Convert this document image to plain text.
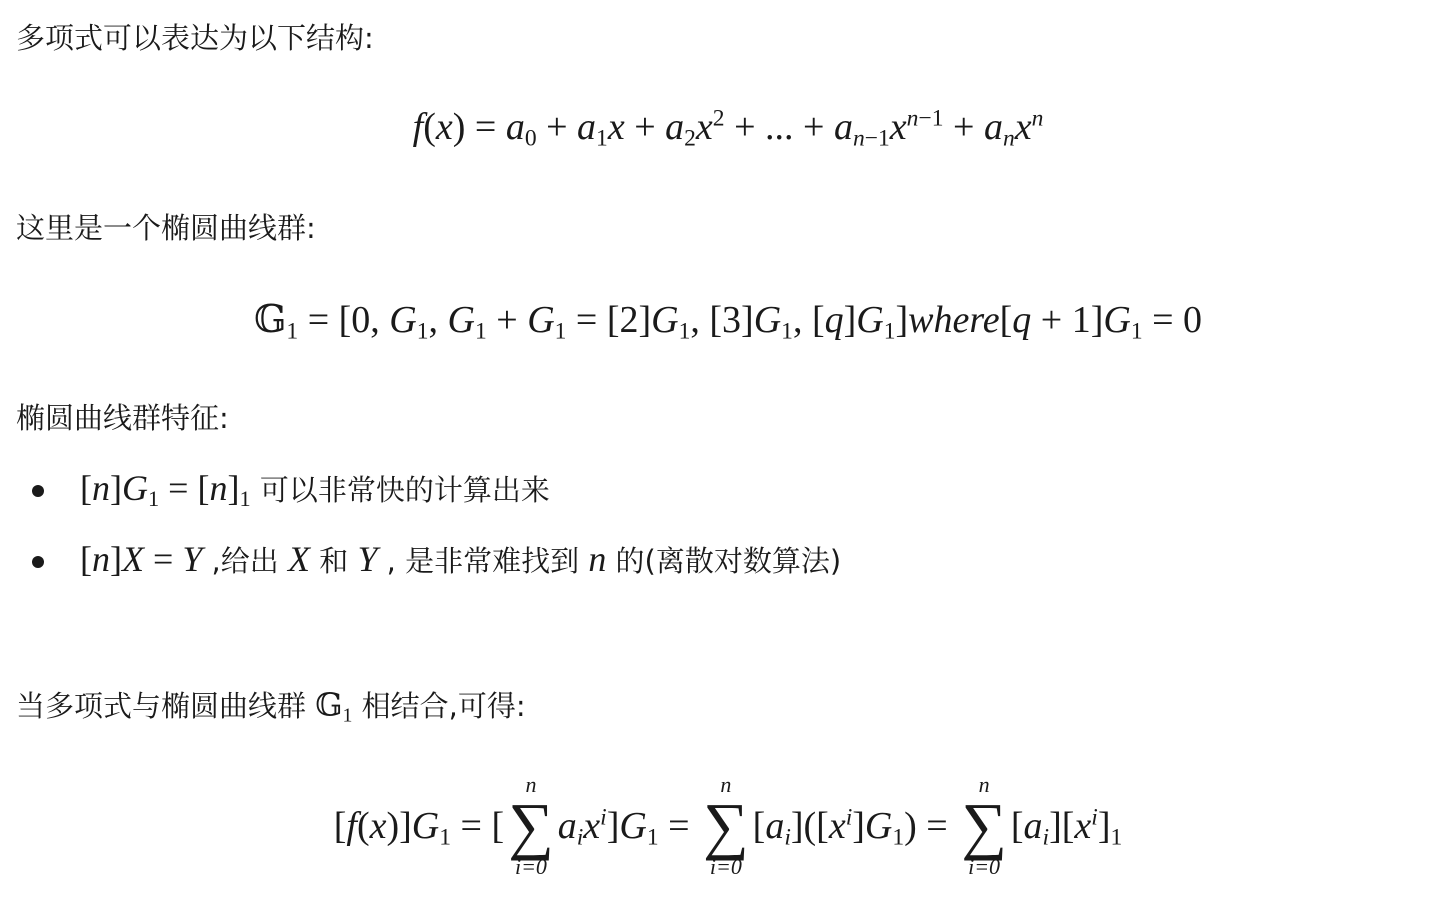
多项式可以表达为以下结构:
$f(x) = a_0 + a_1x + a_2x^2$ + ... + $a_{n-1}x^{n-1} + a_nx^n$
这里是一个椭圆曲线群:
𝔾$_1$ = [0, $G_1$, $G_1 + G_1 = [2]G_1$, $[3]G_1$, $[q]G_1]where[q + 1]G_1 = 0$
椭圆曲线群特征:
$[n]G_1 = [n]_1$ 可以非常快的计算出来
[n]X = Y ,给出 X 和 Y , 是非常难找到 n 的(离散对数算法)
当多项式与椭圆曲线群 𝔾$_1$ 相结合,可得:
$[f(x)]G_1$ = [
n
∑
i=0
$a_ix^i]G_1$ =
n
∑
i=0
$[a_i]([x^i]G_1)$ =
n
∑
i=0
$[a_i][x^i]_1$
